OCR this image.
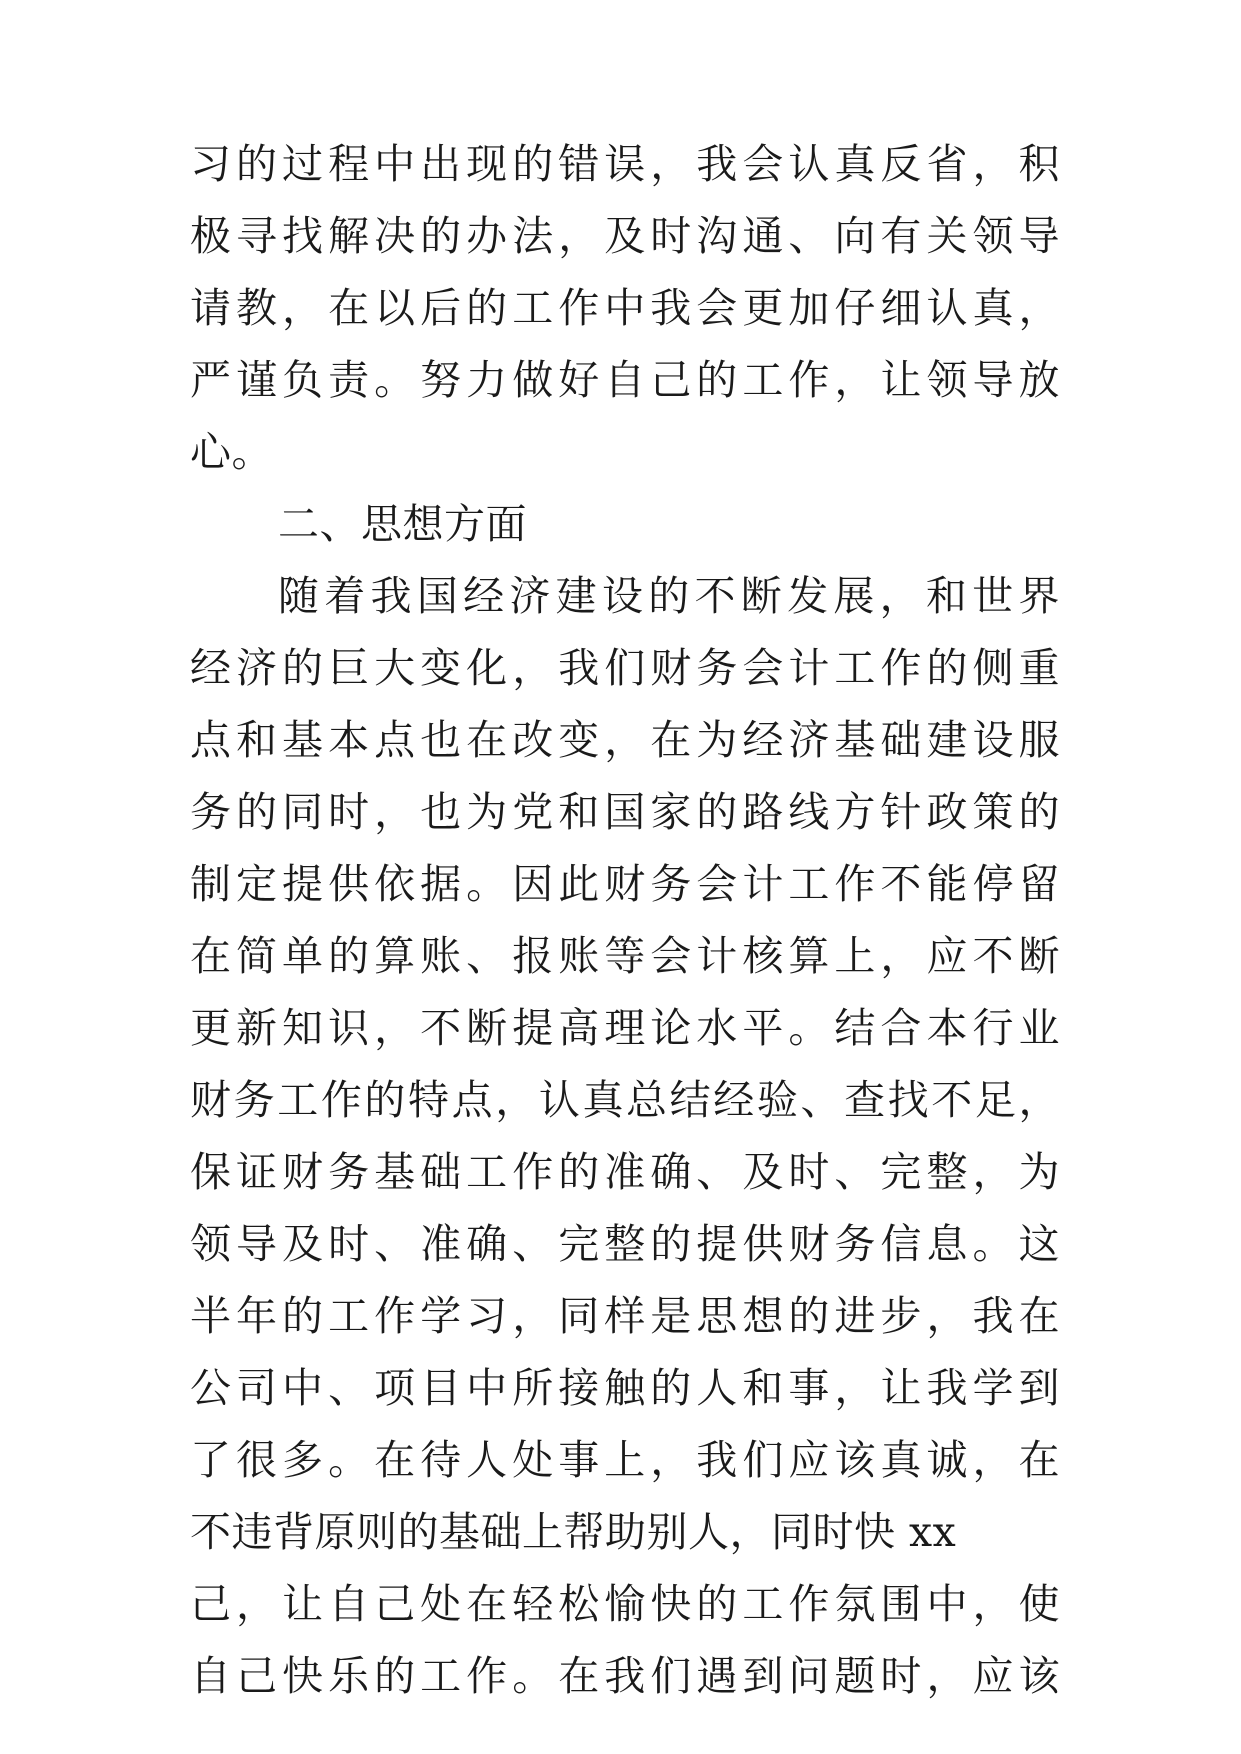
习的过程中出现的错误，我会认真反省，积
极寻找解决的办法，及时沟通、向有关领导
请教，在以后的工作中我会更加仔细认真，
严谨负责。努力做好自己的工作，让领导放
心。
二、思想方面
随着我国经济建设的不断发展，和世界
经济的巨大变化，我们财务会计工作的侧重
点和基本点也在改变，在为经济基础建设服
务的同时，也为党和国家的路线方针政策的
制定提供依据。因此财务会计工作不能停留
在简单的算账、报账等会计核算上，应不断
更新知识，不断提高理论水平。结合本行业
财务工作的特点，认真总结经验、查找不足，
保证财务基础工作的准确、及时、完整，为
领导及时、准确、完整的提供财务信息。这
半年的工作学习，同样是思想的进步，我在
公司中、项目中所接触的人和事，让我学到
了很多。在待人处事上，我们应该真诚，在
不违背原则的基础上帮助别人，同时快 xx
己，让自己处在轻松愉快的工作氛围中，使
自己快乐的工作。在我们遇到问题时，应该
